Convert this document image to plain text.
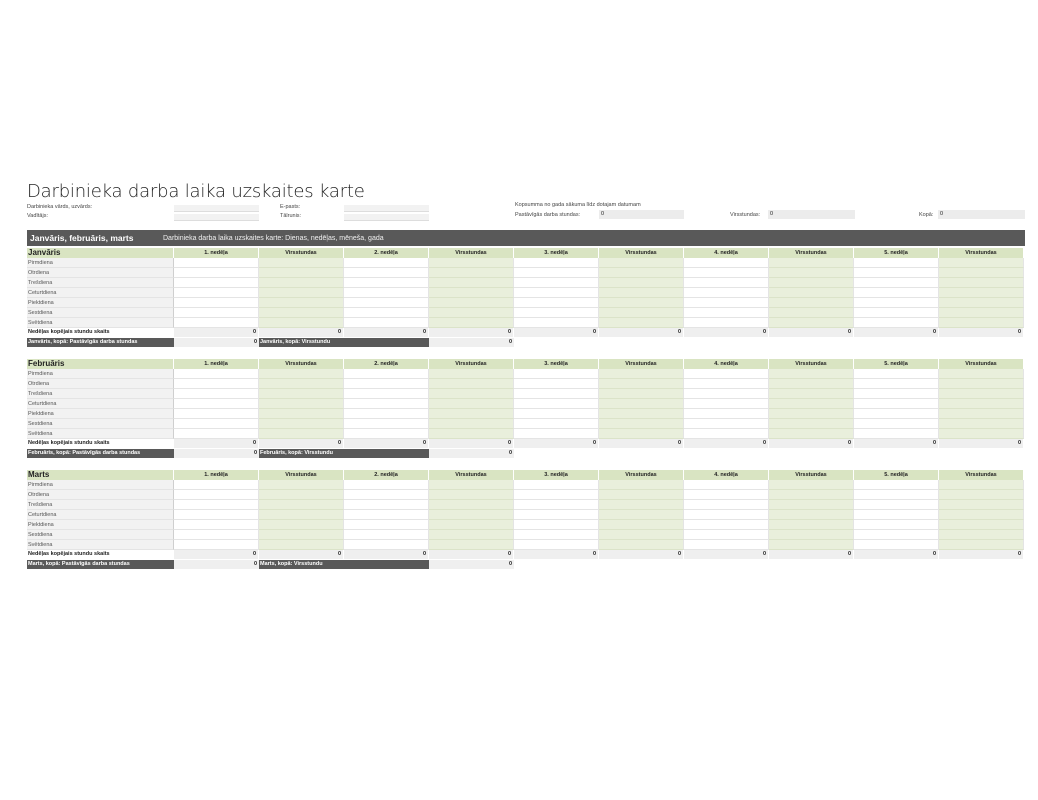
Darbinieka darba laika uzskaites karte
Darbinieka vārds, uzvārds:
Vadītājs:
E-pasts:
Tālrunis:
Kopsumma no gada sākuma līdz dotajam datumam
Pastāvīgās darba stundas:	0	Virsstundas:	0	Kopā:	0
Janvāris, februāris, marts	Darbinieka darba laika uzskaites karte: Dienas, nedēļas, mēneša, gada
Janvāris	1. nedēļa	Virsstundas	2. nedēļa	Virsstundas	3. nedēļa	Virsstundas	4. nedēļa	Virsstundas	5. nedēļa	Virsstundas
Pirmdiena
Otrdiena
Trešdiena
Ceturtdiena
Piektdiena
Sestdiena
Svētdiena
Nedēļas kopējais stundu skaits	0	0	0	0	0	0	0	0	0	0
Janvāris, kopā: Pastāvīgās darba stundas	0 Janvāris, kopā: Virsstundu	0
Februāris	1. nedēļa	Virsstundas	2. nedēļa	Virsstundas	3. nedēļa	Virsstundas	4. nedēļa	Virsstundas	5. nedēļa	Virsstundas
Pirmdiena
Otrdiena
Trešdiena
Ceturtdiena
Piektdiena
Sestdiena
Svētdiena
Nedēļas kopējais stundu skaits	0	0	0	0	0	0	0	0	0	0
Februāris, kopā: Pastāvīgās darba stundas	0 Februāris, kopā: Virsstundu	0
Marts	1. nedēļa	Virsstundas	2. nedēļa	Virsstundas	3. nedēļa	Virsstundas	4. nedēļa	Virsstundas	5. nedēļa	Virsstundas
Pirmdiena
Otrdiena
Trešdiena
Ceturtdiena
Piektdiena
Sestdiena
Svētdiena
Nedēļas kopējais stundu skaits	0	0	0	0	0	0	0	0	0	0
Marts, kopā: Pastāvīgās darba stundas	0 Marts, kopā: Virsstundu	0
